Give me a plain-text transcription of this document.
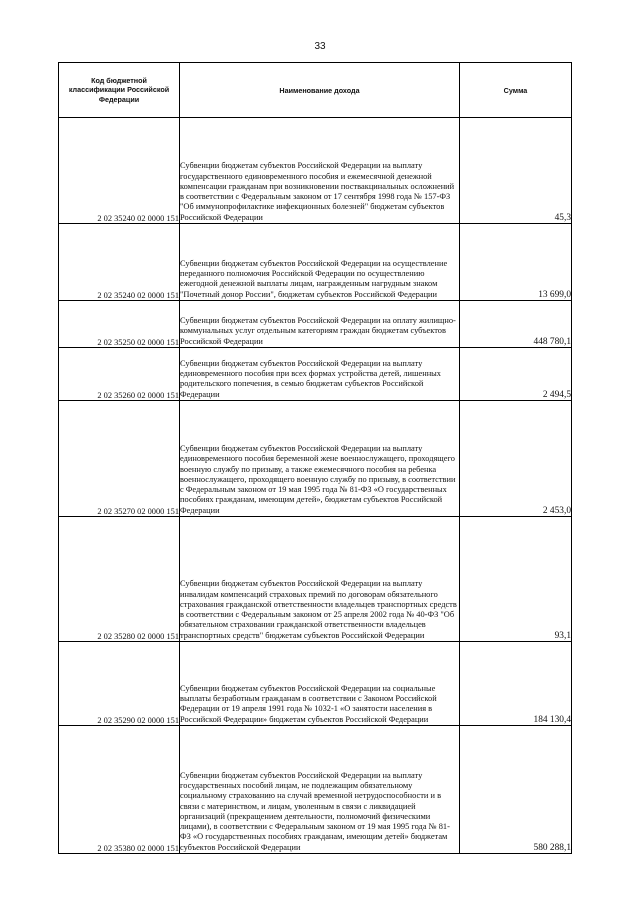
33
Код бюджетной классификации Российской Федерации	Наименование дохода	Сумма
2 02 35240 02 0000 151	Субвенции бюджетам субъектов Российской Федерации на выплату государственного единовременного пособия и ежемесячной денежной компенсации гражданам при возникновении поствакцинальных осложнений в соответствии с Федеральным законом от 17 сентября 1998 года № 157-ФЗ "Об иммунопрофилактике инфекционных болезней" бюджетам субъектов Российской Федерации	45,3
2 02 35240 02 0000 151	Субвенции бюджетам субъектов Российской Федерации на осуществление переданного полномочия Российской Федерации по осуществлению ежегодной денежной выплаты лицам, награжденным нагрудным знаком "Почетный донор России", бюджетам субъектов Российской Федерации	13 699,0
2 02 35250 02 0000 151	Субвенции бюджетам субъектов Российской Федерации на оплату жилищно-коммунальных услуг отдельным категориям граждан бюджетам субъектов Российской Федерации	448 780,1
2 02 35260 02 0000 151	Субвенции бюджетам субъектов Российской Федерации на выплату единовременного пособия при всех формах устройства детей, лишенных родительского попечения, в семью бюджетам субъектов Российской Федерации	2 494,5
2 02 35270 02 0000 151	Субвенции бюджетам субъектов Российской Федерации на выплату единовременного пособия беременной жене военнослужащего, проходящего военную службу по призыву, а также ежемесячного пособия на ребенка военнослужащего, проходящего военную службу по призыву, в соответствии с Федеральным законом от 19 мая 1995 года № 81-ФЗ «О государственных пособиях гражданам, имеющим детей», бюджетам субъектов Российской Федерации	2 453,0
2 02 35280 02 0000 151	Субвенции бюджетам субъектов Российской Федерации на выплату инвалидам компенсаций страховых премий по договорам обязательного страхования гражданской ответственности владельцев транспортных средств в соответствии с Федеральным законом от 25 апреля 2002 года № 40-ФЗ "Об обязательном страховании гражданской ответственности владельцев транспортных средств" бюджетам субъектов Российской Федерации	93,1
2 02 35290 02 0000 151	Субвенции бюджетам субъектов Российской Федерации на социальные выплаты безработным гражданам в соответствии с Законом Российской Федерации от 19 апреля 1991 года № 1032-1 «О занятости населения в Российской Федерации» бюджетам субъектов Российской Федерации	184 130,4
2 02 35380 02 0000 151	Субвенции бюджетам субъектов Российской Федерации на выплату государственных пособий лицам, не подлежащим обязательному социальному страхованию на случай временной нетрудоспособности и в связи с материнством, и лицам, уволенным в связи с ликвидацией организаций (прекращением деятельности, полномочий физическими лицами), в соответствии с Федеральным законом от 19 мая 1995 года № 81-ФЗ «О государственных пособиях гражданам, имеющим детей» бюджетам субъектов Российской Федерации	580 288,1
